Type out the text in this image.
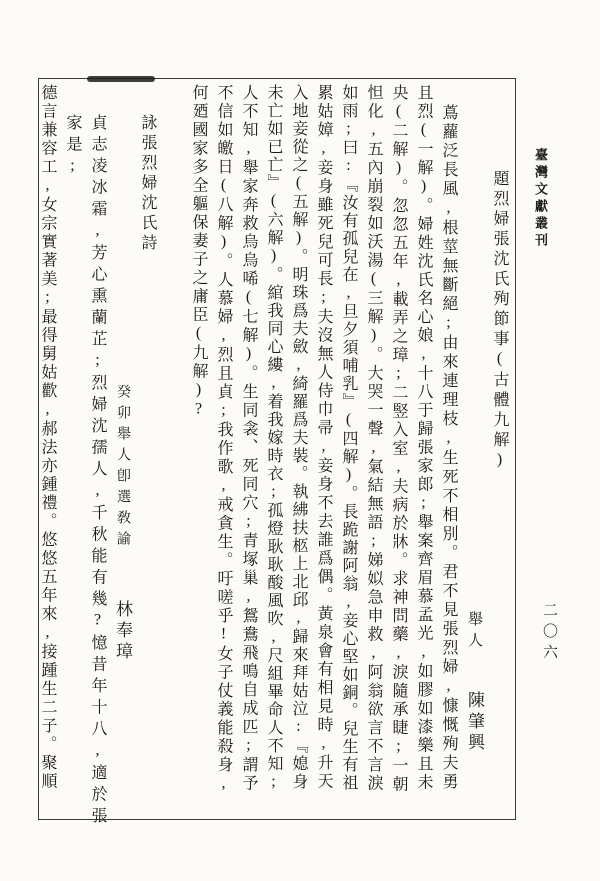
臺灣文獻叢刊
二〇六
題烈婦張沈氏殉節事(古體九解)
舉人 陳肇興
蔦蘿泛長風,根莖無斷絕;由來連理枝,生死不相別。君不見張烈婦,慷慨殉夫勇
且烈(一解)。婦姓沈氏名心娘,十八于歸張家郎;舉案齊眉慕孟光,如膠如漆樂且未
央(二解)。忽忽五年,載弄之璋;二竪入室,夫病於牀。求神問藥,淚隨承睫;一朝
怛化,五內崩裂如沃湯(三解)。大哭一聲,氣結無語;娣姒急申救,阿翁欲言不言淚
如雨;曰:『汝有孤兒在,旦夕須哺乳』(四解)。長跪謝阿翁,妾心堅如銅。兒生有祖
累姑嫜,妾身雖死兒可長;夫沒無人侍巾帚,妾身不去誰爲偶。黃泉會有相見時,升天
入地妾從之(五解)。明珠爲夫斂,綺羅爲夫裝。執紼扶柩上北邱,歸來拜姑泣:『媳身
未亡如已亡』(六解)。綰我同心縷,着我嫁時衣;孤燈耿耿酸風吹,尺組畢命人不知;
人不知,舉家奔救烏烏唏(七解)。生同衾、死同穴;青塚巢,鴛鴦飛鳴自成匹;謂予
不信如皦日(八解)。人慕婦,烈且貞;我作歌,戒貪生。吁嗟乎!女子仗義能殺身,
何廼國家多全軀保妻子之庸臣(九解)?
詠張烈婦沈氏詩
癸卯舉人卽選敎諭 林奉璋
貞志凌冰霜,芳心熏蘭芷;烈婦沈孺人,千秋能有幾?憶昔年十八,適於張家是;
德言兼容工,女宗實著美;最得舅姑歡,郝法亦鍾禮。悠悠五年來,接踵生二子。聚順
